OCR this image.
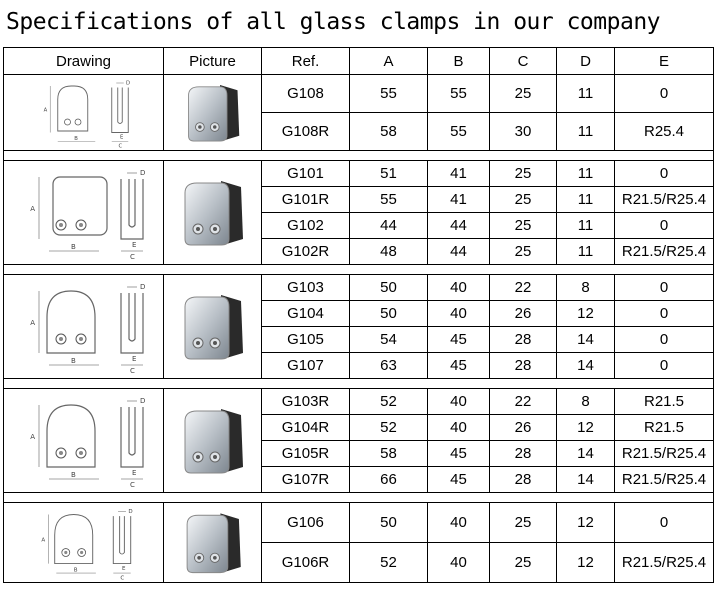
Specifications of all glass clamps in our company
Drawing	Picture	Ref.	A	B	C	D	E

A
B
D
E
C		G108	55	55	25	11	0
		G108R	58	55	30	11	R25.4

A
B
D
E
C		G101	51	41	25	11	0
		G101R	55	41	25	11	R21.5/R25.4
		G102	44	44	25	11	0
		G102R	48	44	25	11	R21.5/R25.4

A
B
D
E
C		G103	50	40	22	8	0
		G104	50	40	26	12	0
		G105	54	45	28	14	0
		G107	63	45	28	14	0

A
B
D
E
C		G103R	52	40	22	8	R21.5
		G104R	52	40	26	12	R21.5
		G105R	58	45	28	14	R21.5/R25.4
		G107R	66	45	28	14	R21.5/R25.4

A
B
D
E
C		G106	50	40	25	12	0
		G106R	52	40	25	12	R21.5/R25.4
